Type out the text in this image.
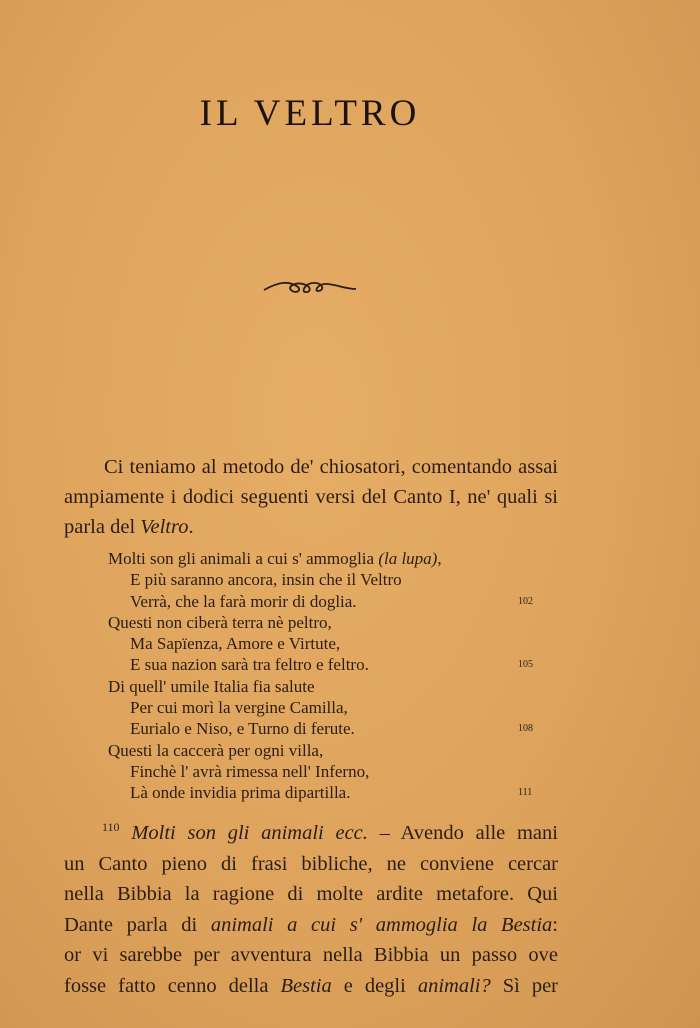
IL VELTRO

Ci teniamo al metodo de' chiosatori, comentando assai ampiamente i dodici seguenti versi del Canto I, ne' quali si parla del Veltro.

Molti son gli animali a cui s' ammoglia (la lupa),
E più saranno ancora, insin che il Veltro
Verrà, che la farà morir di doglia.	102
Questi non ciberà terra nè peltro,
Ma Sapïenza, Amore e Virtute,
E sua nazion sarà tra feltro e feltro.	105
Di quell' umile Italia fia salute
Per cui morì la vergine Camilla,
Eurialo e Niso, e Turno di ferute.	108
Questi la caccerà per ogni villa,
Finchè l' avrà rimessa nell' Inferno,
Là onde invidia prima dipartilla.	111
$^{110}$ Molti son gli animali ecc. – Avendo alle mani
un Canto pieno di frasi bibliche, ne conviene cercar
nella Bibbia la ragione di molte ardite metafore. Qui
Dante parla di animali a cui s' ammoglia la Bestia:
or vi sarebbe per avventura nella Bibbia un passo ove
fosse fatto cenno della Bestia e degli animali? Sì per
